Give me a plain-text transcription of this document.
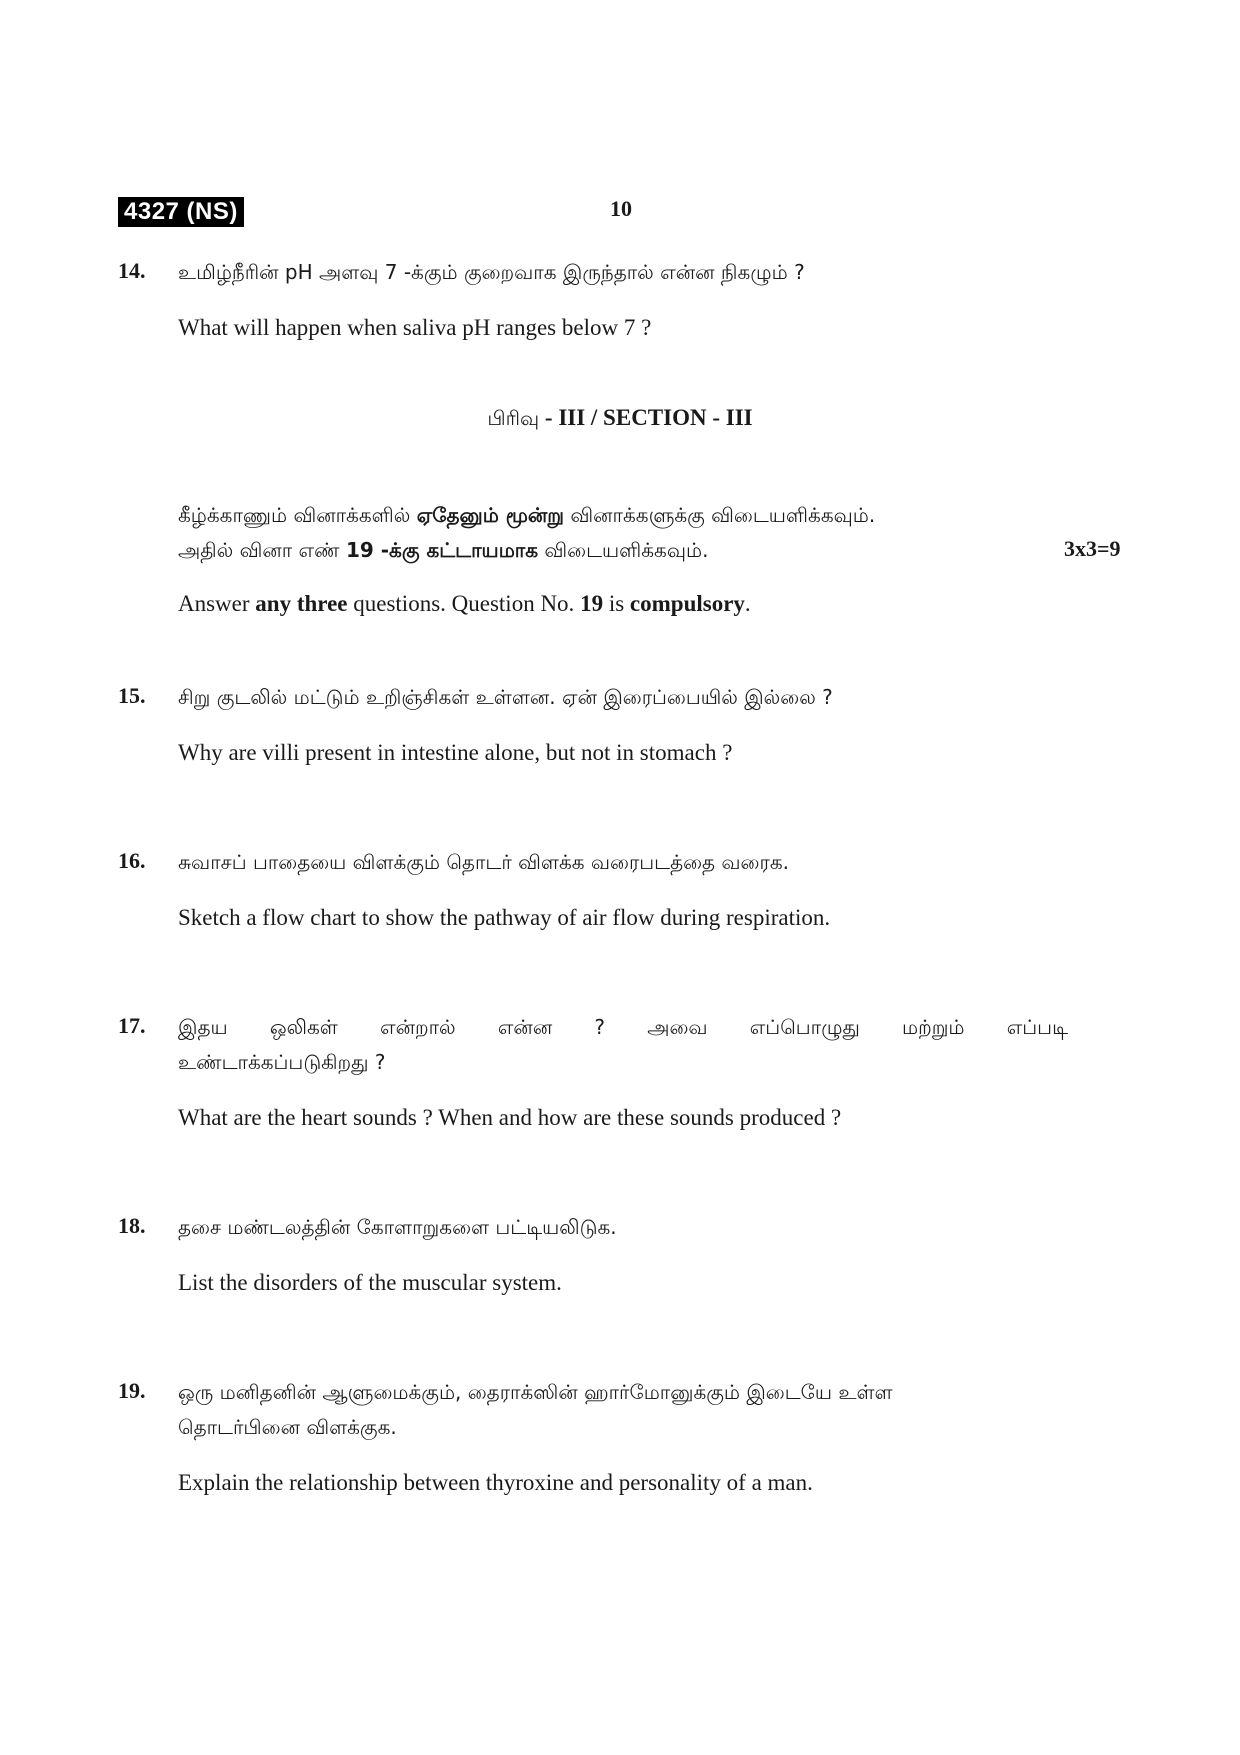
4327 (NS)	10
14. உமிழ்நீரின் pH அளவு 7 -க்கும் குறைவாக இருந்தால் என்ன நிகழும் ?
What will happen when saliva pH ranges below 7 ?
பிரிவு - III / SECTION - III
கீழ்க்காணும் வினாக்களில் ஏதேனும் மூன்று வினாக்களுக்கு விடையளிக்கவும்.
அதில் வினா எண் 19 -க்கு கட்டாயமாக விடையளிக்கவும்.	3x3=9
Answer any three questions. Question No. 19 is compulsory.
15. சிறு குடலில் மட்டும் உறிஞ்சிகள் உள்ளன. ஏன் இரைப்பையில் இல்லை ?
Why are villi present in intestine alone, but not in stomach ?
16. சுவாசப் பாதையை விளக்கும் தொடர் விளக்க வரைபடத்தை வரைக.
Sketch a flow chart to show the pathway of air flow during respiration.
17. இதய ஒலிகள் என்றால் என்ன ? அவை எப்பொழுது மற்றும் எப்படி
உண்டாக்கப்படுகிறது ?
What are the heart sounds ? When and how are these sounds produced ?
18. தசை மண்டலத்தின் கோளாறுகளை பட்டியலிடுக.
List the disorders of the muscular system.
19. ஒரு மனிதனின் ஆளுமைக்கும், தைராக்ஸின் ஹார்மோனுக்கும் இடையே உள்ள
தொடர்பினை விளக்குக.
Explain the relationship between thyroxine and personality of a man.
